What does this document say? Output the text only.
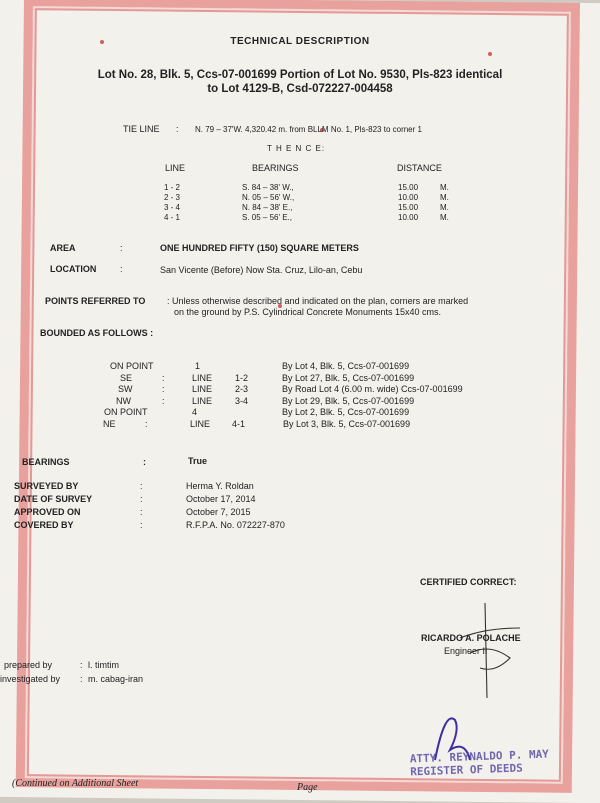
TECHNICAL DESCRIPTION
Lot No. 28, Blk. 5, Ccs-07-001699 Portion of Lot No. 9530, Pls-823 identical
to Lot 4129-B, Csd-072227-004458
TIE LINE : N. 79 – 37'W. 4,320.42 m. from BLLM No. 1, Pls-823 to corner 1
T H E N C E:
LINE	BEARINGS	DISTANCE
1 - 2	S. 84 – 38' W.,	15.00	M.
2 - 3	N. 05 – 56' W.,	10.00	M.
3 - 4	N. 84 – 38' E.,	15.00	M.
4 - 1	S. 05 – 56' E.,	10.00	M.
AREA	:	ONE HUNDRED FIFTY (150) SQUARE METERS
LOCATION	:	San Vicente (Before) Now Sta. Cruz, Lilo-an, Cebu
POINTS REFERRED TO : Unless otherwise described and indicated on the plan, corners are marked
on the ground by P.S. Cylindrical Concrete Monuments 15x40 cms.
BOUNDED AS FOLLOWS :
ON POINT	1	By Lot 4, Blk. 5, Ccs-07-001699
SE	:	LINE	1-2	By Lot 27, Blk. 5, Ccs-07-001699
SW	:	LINE	2-3	By Road Lot 4 (6.00 m. wide) Ccs-07-001699
NW	:	LINE	3-4	By Lot 29, Blk. 5, Ccs-07-001699
ON POINT	4	By Lot 2, Blk. 5, Ccs-07-001699
NE	:	LINE 4-1	By Lot 3, Blk. 5, Ccs-07-001699
BEARINGS	:	True
SURVEYED BY	:	Herma Y. Roldan
DATE OF SURVEY	:	October 17, 2014
APPROVED ON	:	October 7, 2015
COVERED BY	:	R.F.P.A. No. 072227-870
CERTIFIED CORRECT:
RICARDO A. POLACHE
Engineer II
prepared by	: l. timtim
investigated by : m. cabag-iran
(Continued on Additional Sheet	Page
ATTY. REYNALDO P. MAY
REGISTER OF DEEDS
